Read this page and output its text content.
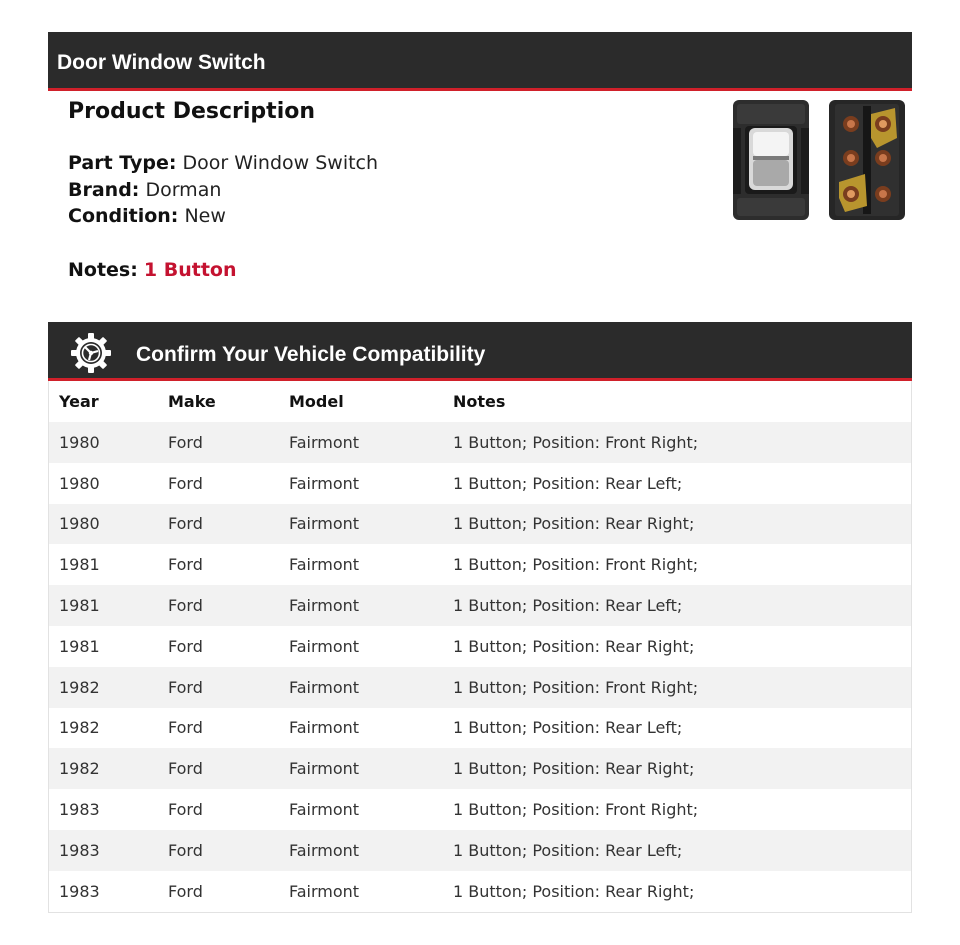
Door Window Switch
Product Description
Part Type: Door Window Switch
Brand: Dorman
Condition: New
Notes: 1 Button
Confirm Your Vehicle Compatibility
Year	Make	Model	Notes
1980	Ford	Fairmont	1 Button; Position: Front Right;
1980	Ford	Fairmont	1 Button; Position: Rear Left;
1980	Ford	Fairmont	1 Button; Position: Rear Right;
1981	Ford	Fairmont	1 Button; Position: Front Right;
1981	Ford	Fairmont	1 Button; Position: Rear Left;
1981	Ford	Fairmont	1 Button; Position: Rear Right;
1982	Ford	Fairmont	1 Button; Position: Front Right;
1982	Ford	Fairmont	1 Button; Position: Rear Left;
1982	Ford	Fairmont	1 Button; Position: Rear Right;
1983	Ford	Fairmont	1 Button; Position: Front Right;
1983	Ford	Fairmont	1 Button; Position: Rear Left;
1983	Ford	Fairmont	1 Button; Position: Rear Right;
